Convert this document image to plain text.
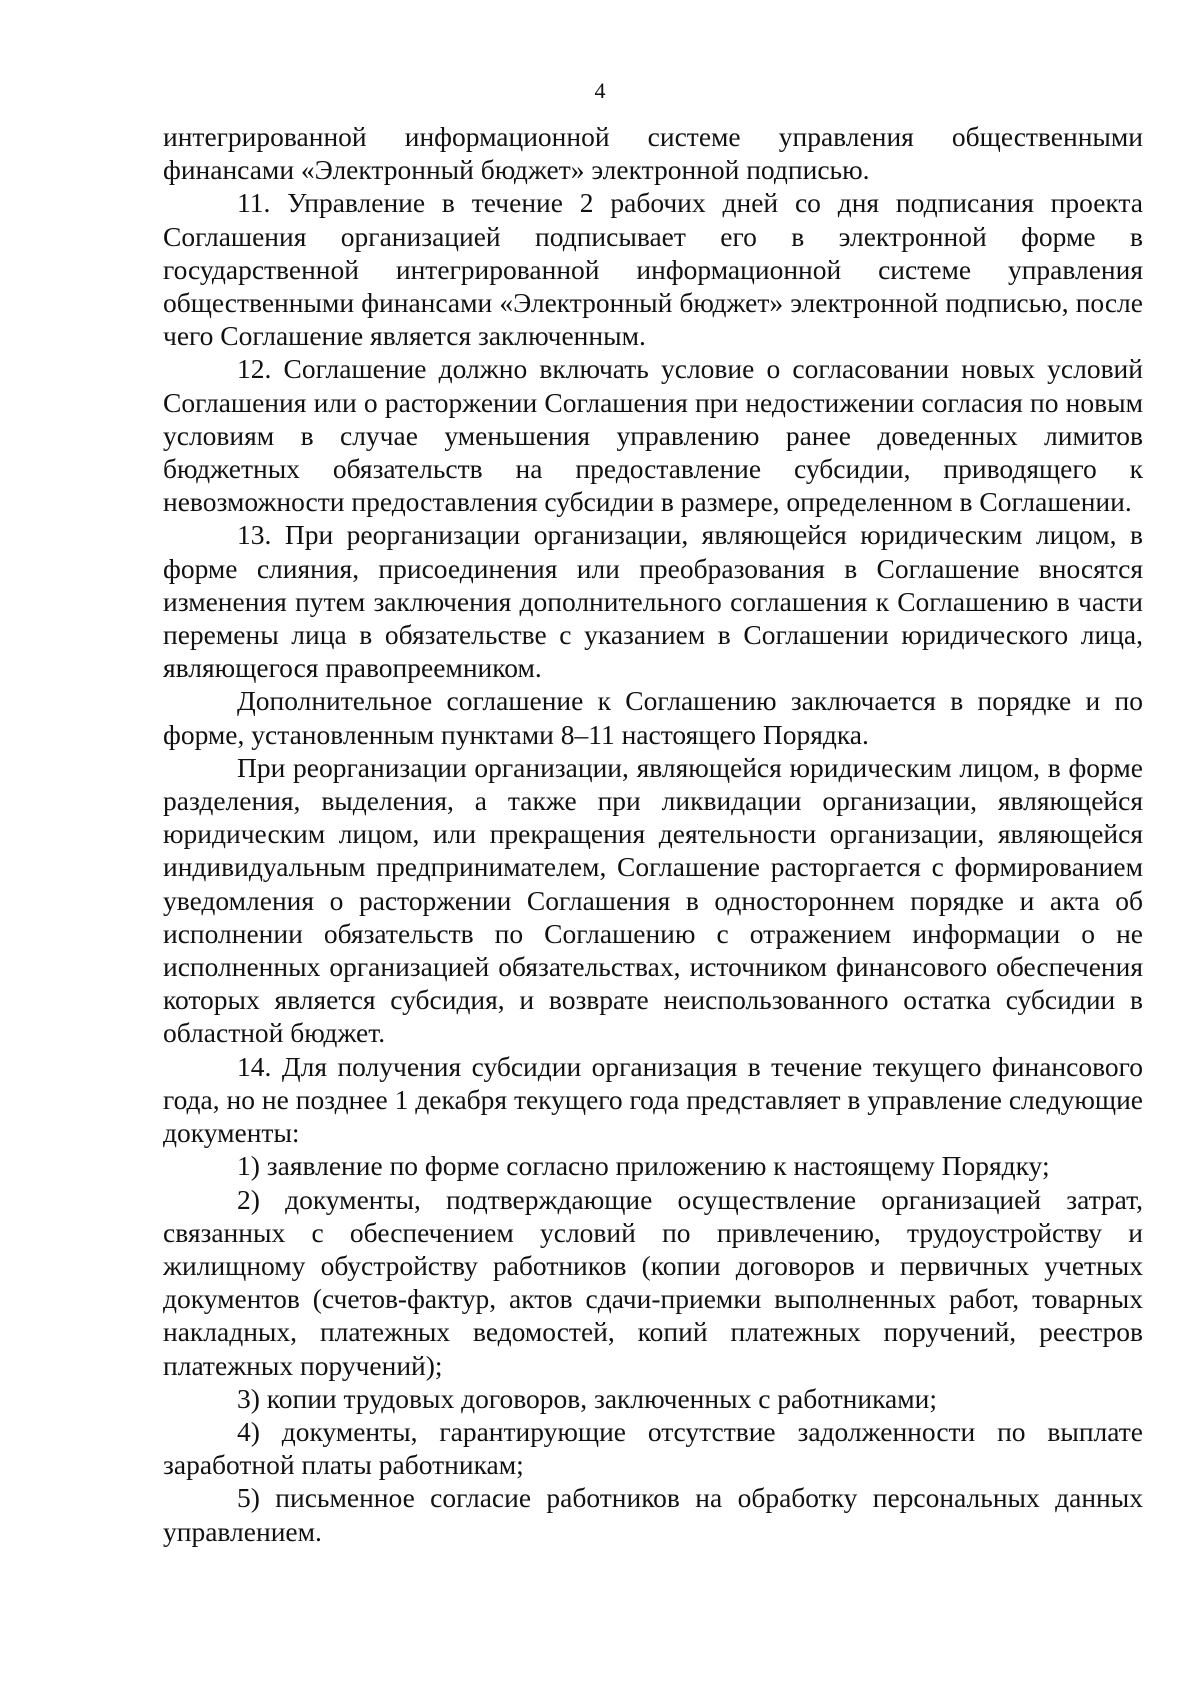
4

интегрированной информационной системе управления общественными финансами «Электронный бюджет» электронной подписью.

11. Управление в течение 2 рабочих дней со дня подписания проекта Соглашения организацией подписывает его в электронной форме в государственной интегрированной информационной системе управления общественными финансами «Электронный бюджет» электронной подписью, после чего Соглашение является заключенным.

12. Соглашение должно включать условие о согласовании новых условий Соглашения или о расторжении Соглашения при недостижении согласия по новым условиям в случае уменьшения управлению ранее доведенных лимитов бюджетных обязательств на предоставление субсидии, приводящего к невозможности предоставления субсидии в размере, определенном в Соглашении.

13. При реорганизации организации, являющейся юридическим лицом, в форме слияния, присоединения или преобразования в Соглашение вносятся изменения путем заключения дополнительного соглашения к Соглашению в части перемены лица в обязательстве с указанием в Соглашении юридического лица, являющегося правопреемником.

Дополнительное соглашение к Соглашению заключается в порядке и по форме, установленным пунктами 8–11 настоящего Порядка.

При реорганизации организации, являющейся юридическим лицом, в форме разделения, выделения, а также при ликвидации организации, являющейся юридическим лицом, или прекращения деятельности организации, являющейся индивидуальным предпринимателем, Соглашение расторгается с формированием уведомления о расторжении Соглашения в одностороннем порядке и акта об исполнении обязательств по Соглашению с отражением информации о не исполненных организацией обязательствах, источником финансового обеспечения которых является субсидия, и возврате неиспользованного остатка субсидии в областной бюджет.

14. Для получения субсидии организация в течение текущего финансового года, но не позднее 1 декабря текущего года представляет в управление следующие документы:

1) заявление по форме согласно приложению к настоящему Порядку;

2) документы, подтверждающие осуществление организацией затрат, связанных с обеспечением условий по привлечению, трудоустройству и жилищному обустройству работников (копии договоров и первичных учетных документов (счетов-фактур, актов сдачи-приемки выполненных работ, товарных накладных, платежных ведомостей, копий платежных поручений, реестров платежных поручений);

3) копии трудовых договоров, заключенных с работниками;

4) документы, гарантирующие отсутствие задолженности по выплате заработной платы работникам;

5) письменное согласие работников на обработку персональных данных управлением.
